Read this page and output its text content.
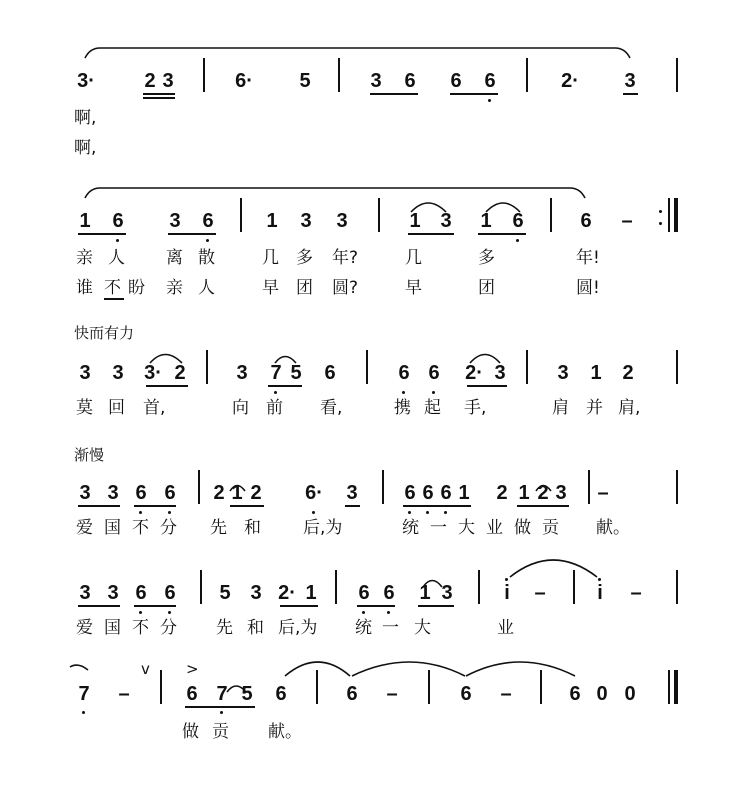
3· 2 3	6· 5	3 6 6 6	2· 3
啊,
啊,
1 6 3 6	1 3 3	1 3 1 6	6 –
亲 人 离 散	几 多 年?	几	多	年!
谁 不 盼 亲 人	早 团 圆?	早	团	圆!
快而有力
3 3 3· 2	3 7 5 6	6 6 2· 3	3 1 2
莫 回 首,	向 前 看,	携 起 手,	肩 并 肩,
渐慢
3 3 6 6 2 1 2 6· 3 6 6 6 1 2 1 2 3 –
爱 国 不 分 先 和 后,为	统 一 大 业 做 贡 献。
3 3 6 6 5 3 2· 1 6 6 1 3	i –	i –
爱 国 不 分 先 和 后,为 统 一 大	业
v >
7 –	6 7 5 6	6 –	6 –	6 0 0
做 贡 献。
